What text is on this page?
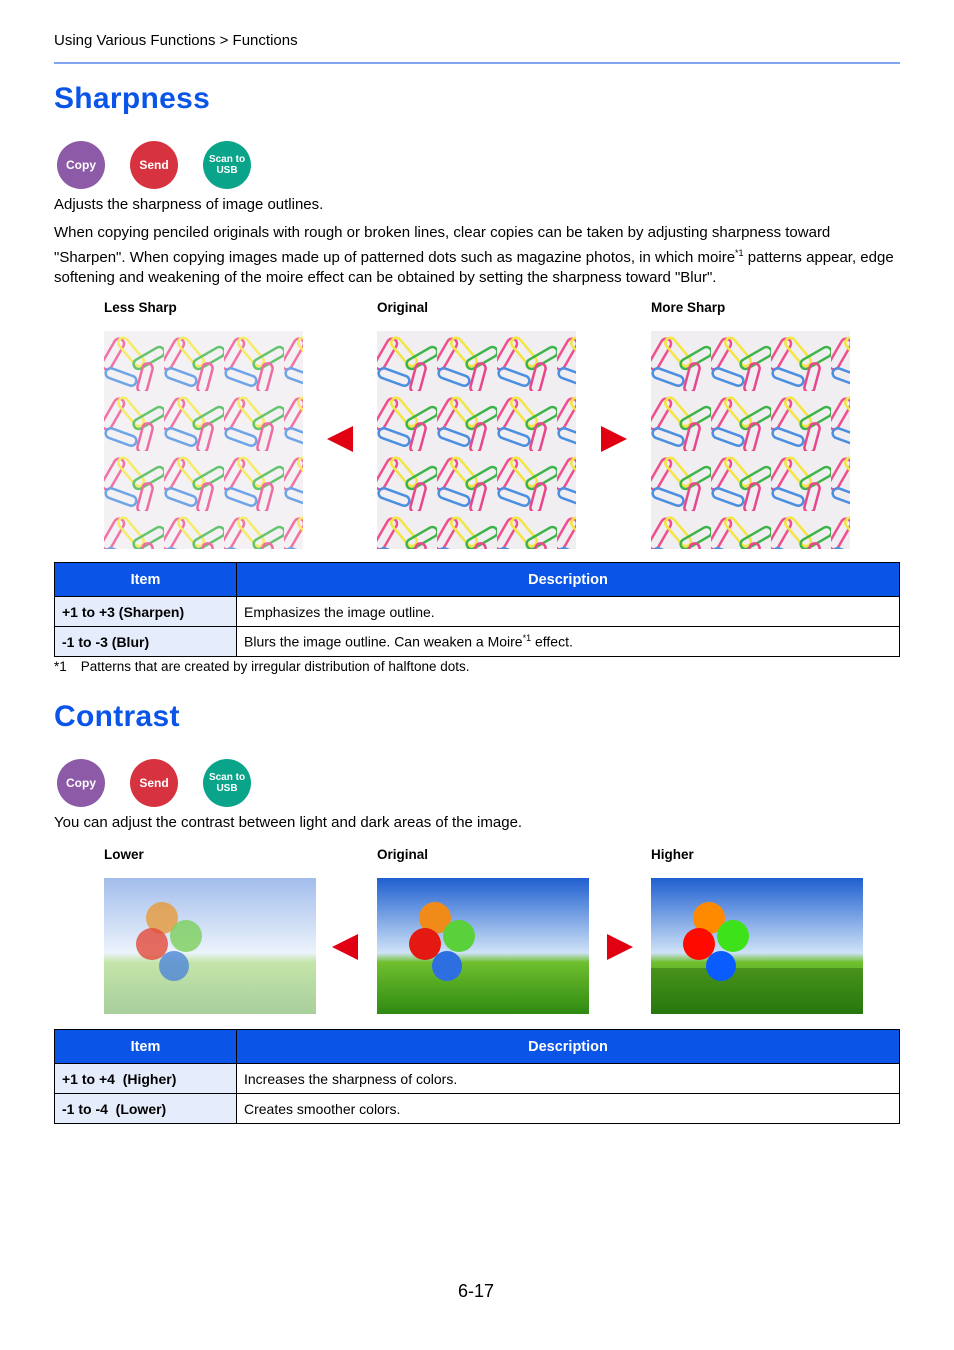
Using Various Functions > Functions
Sharpness
Copy	Send	Scan to
USB
Adjusts the sharpness of image outlines.
When copying penciled originals with rough or broken lines, clear copies can be taken by adjusting sharpness toward "Sharpen". When copying images made up of patterned dots such as magazine photos, in which moire$^{*1}$ patterns appear, edge softening and weakening of the moire effect can be obtained by setting the sharpness toward "Blur".
Less Sharp	Original	More Sharp
Item	Description
+1 to +3 (Sharpen)	Emphasizes the image outline.
-1 to -3 (Blur)	Blurs the image outline. Can weaken a Moire$^{*1}$ effect.
*1 Patterns that are created by irregular distribution of halftone dots.
Contrast
Copy	Send	Scan to
USB
You can adjust the contrast between light and dark areas of the image.
Lower	Original	Higher
Item	Description
+1 to +4  (Higher)	Increases the sharpness of colors.
-1 to -4  (Lower)	Creates smoother colors.
6-17
